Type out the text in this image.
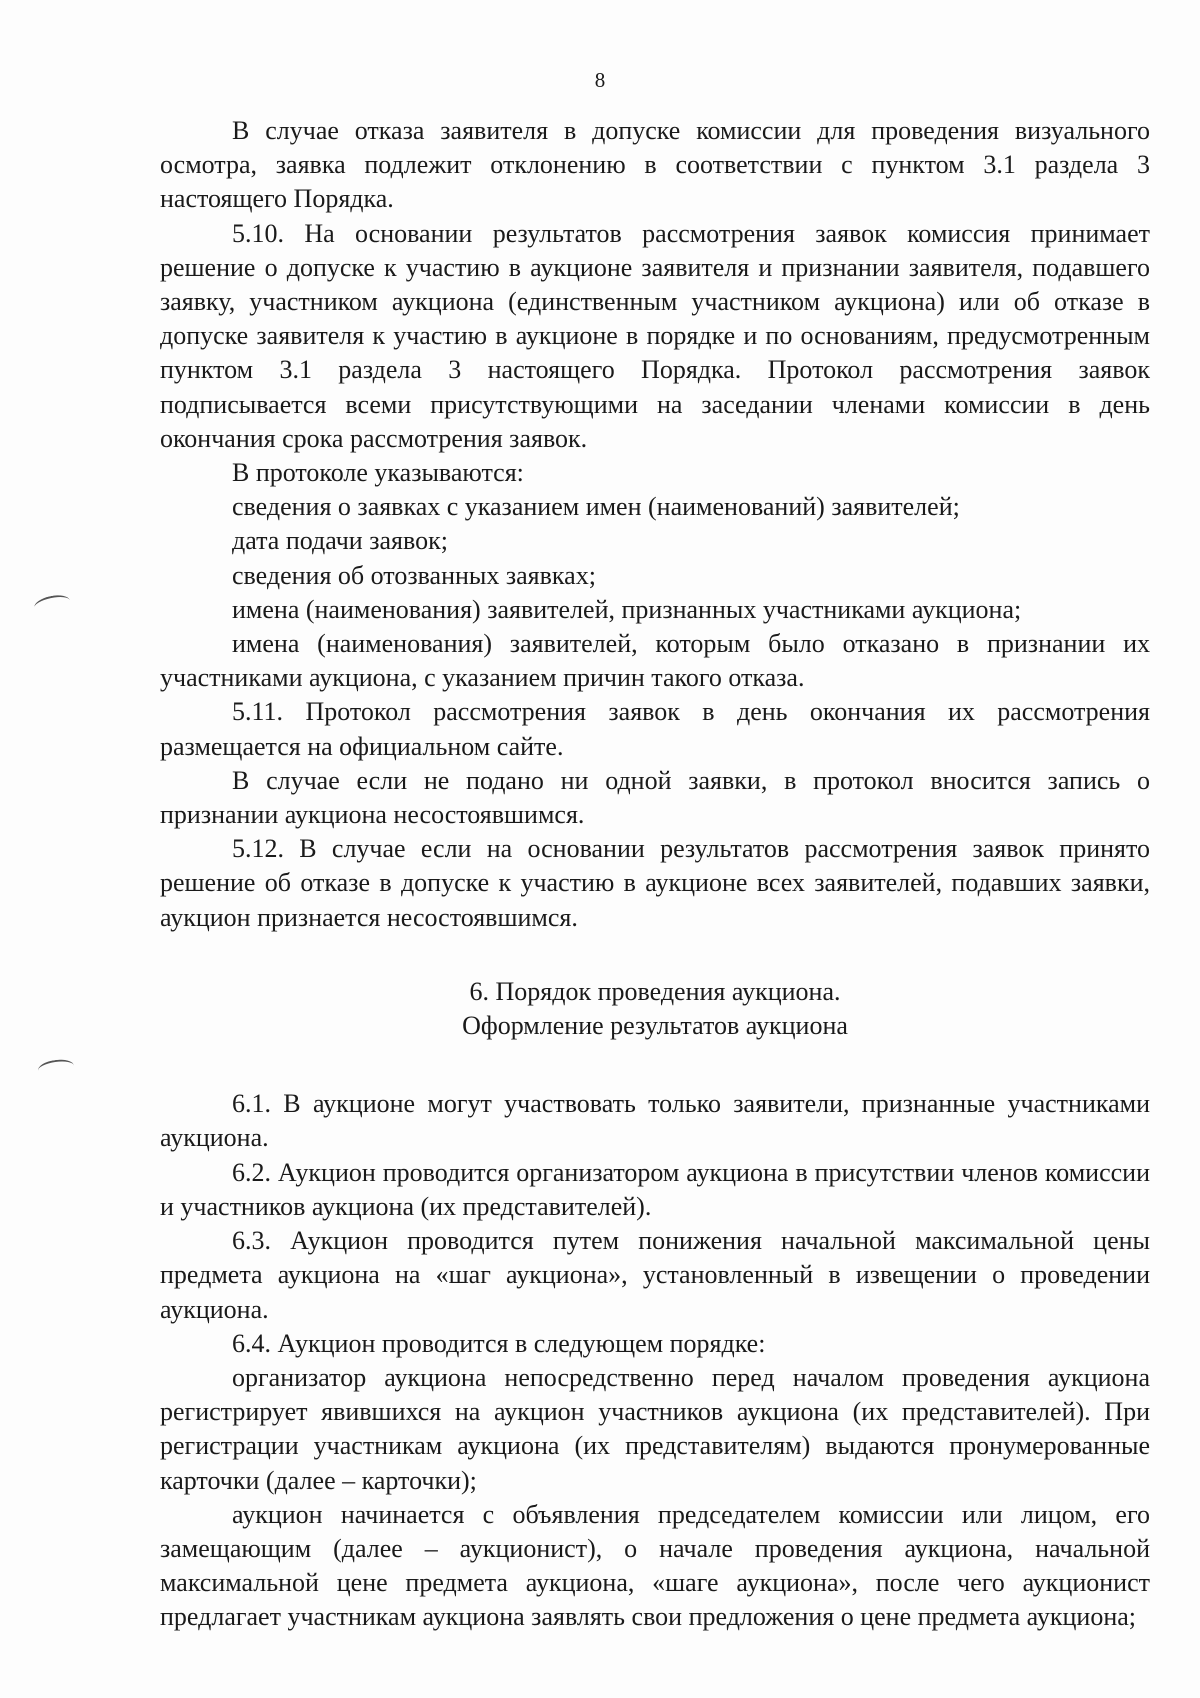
8

В случае отказа заявителя в допуске комиссии для проведения визуального осмотра, заявка подлежит отклонению в соответствии с пунктом 3.1 раздела 3 настоящего Порядка.

5.10. На основании результатов рассмотрения заявок комиссия принимает решение о допуске к участию в аукционе заявителя и признании заявителя, подавшего заявку, участником аукциона (единственным участником аукциона) или об отказе в допуске заявителя к участию в аукционе в порядке и по основаниям, предусмотренным пунктом 3.1 раздела 3 настоящего Порядка. Протокол рассмотрения заявок подписывается всеми присутствующими на заседании членами комиссии в день окончания срока рассмотрения заявок.

В протоколе указываются:

сведения о заявках с указанием имен (наименований) заявителей;

дата подачи заявок;

сведения об отозванных заявках;

имена (наименования) заявителей, признанных участниками аукциона;

имена (наименования) заявителей, которым было отказано в признании их участниками аукциона, с указанием причин такого отказа.

5.11. Протокол рассмотрения заявок в день окончания их рассмотрения размещается на официальном сайте.

В случае если не подано ни одной заявки, в протокол вносится запись о признании аукциона несостоявшимся.

5.12. В случае если на основании результатов рассмотрения заявок принято решение об отказе в допуске к участию в аукционе всех заявителей, подавших заявки, аукцион признается несостоявшимся.

6. Порядок проведения аукциона.

Оформление результатов аукциона

6.1. В аукционе могут участвовать только заявители, признанные участниками аукциона.

6.2. Аукцион проводится организатором аукциона в присутствии членов комиссии и участников аукциона (их представителей).

6.3. Аукцион проводится путем понижения начальной максимальной цены предмета аукциона на «шаг аукциона», установленный в извещении о проведении аукциона.

6.4. Аукцион проводится в следующем порядке:

организатор аукциона непосредственно перед началом проведения аукциона регистрирует явившихся на аукцион участников аукциона (их представителей). При регистрации участникам аукциона (их представителям) выдаются пронумерованные карточки (далее – карточки);

аукцион начинается с объявления председателем комиссии или лицом, его замещающим (далее – аукционист), о начале проведения аукциона, начальной максимальной цене предмета аукциона, «шаге аукциона», после чего аукционист предлагает участникам аукциона заявлять свои предложения о цене предмета аукциона;
